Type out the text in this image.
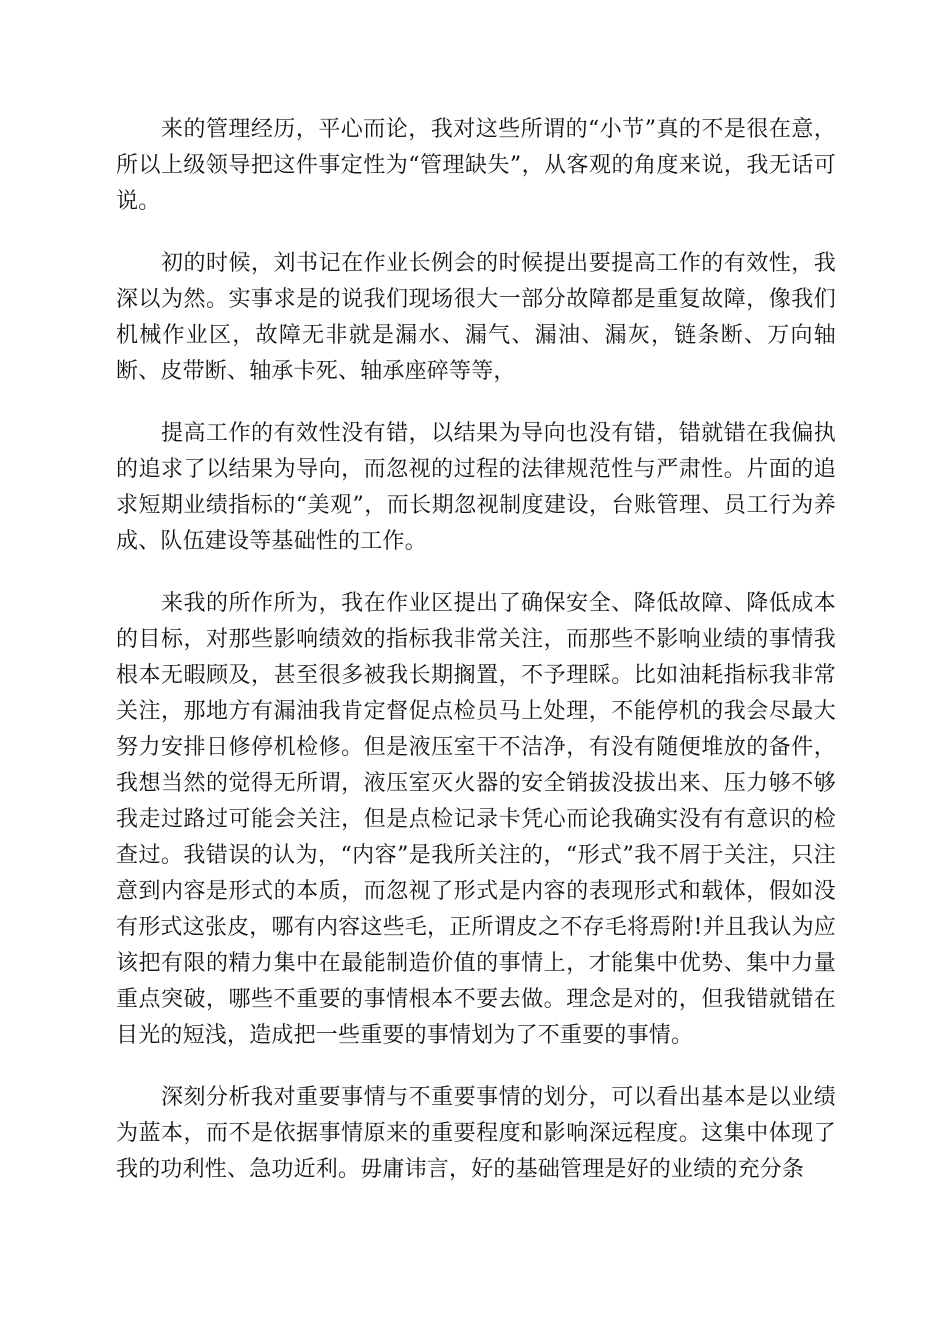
来的管理经历，平心而论，我对这些所谓的“小节”真的不是很在意，所以上级领导把这件事定性为“管理缺失”，从客观的角度来说，我无话可说。

初的时候，刘书记在作业长例会的时候提出要提高工作的有效性，我深以为然。实事求是的说我们现场很大一部分故障都是重复故障，像我们机械作业区，故障无非就是漏水、漏气、漏油、漏灰，链条断、万向轴断、皮带断、轴承卡死、轴承座碎等等，

提高工作的有效性没有错，以结果为导向也没有错，错就错在我偏执的追求了以结果为导向，而忽视的过程的法律规范性与严肃性。片面的追求短期业绩指标的“美观”，而长期忽视制度建设，台账管理、员工行为养成、队伍建设等基础性的工作。

来我的所作所为，我在作业区提出了确保安全、降低故障、降低成本的目标，对那些影响绩效的指标我非常关注，而那些不影响业绩的事情我根本无暇顾及，甚至很多被我长期搁置，不予理睬。比如油耗指标我非常关注，那地方有漏油我肯定督促点检员马上处理，不能停机的我会尽最大努力安排日修停机检修。但是液压室干不洁净，有没有随便堆放的备件，我想当然的觉得无所谓，液压室灭火器的安全销拔没拔出来、压力够不够我走过路过可能会关注，但是点检记录卡凭心而论我确实没有有意识的检查过。我错误的认为，“内容”是我所关注的，“形式”我不屑于关注，只注意到内容是形式的本质，而忽视了形式是内容的表现形式和载体，假如没有形式这张皮，哪有内容这些毛，正所谓皮之不存毛将焉附!并且我认为应该把有限的精力集中在最能制造价值的事情上，才能集中优势、集中力量重点突破，哪些不重要的事情根本不要去做。理念是对的，但我错就错在目光的短浅，造成把一些重要的事情划为了不重要的事情。

深刻分析我对重要事情与不重要事情的划分，可以看出基本是以业绩为蓝本，而不是依据事情原来的重要程度和影响深远程度。这集中体现了我的功利性、急功近利。毋庸讳言，好的基础管理是好的业绩的充分条
